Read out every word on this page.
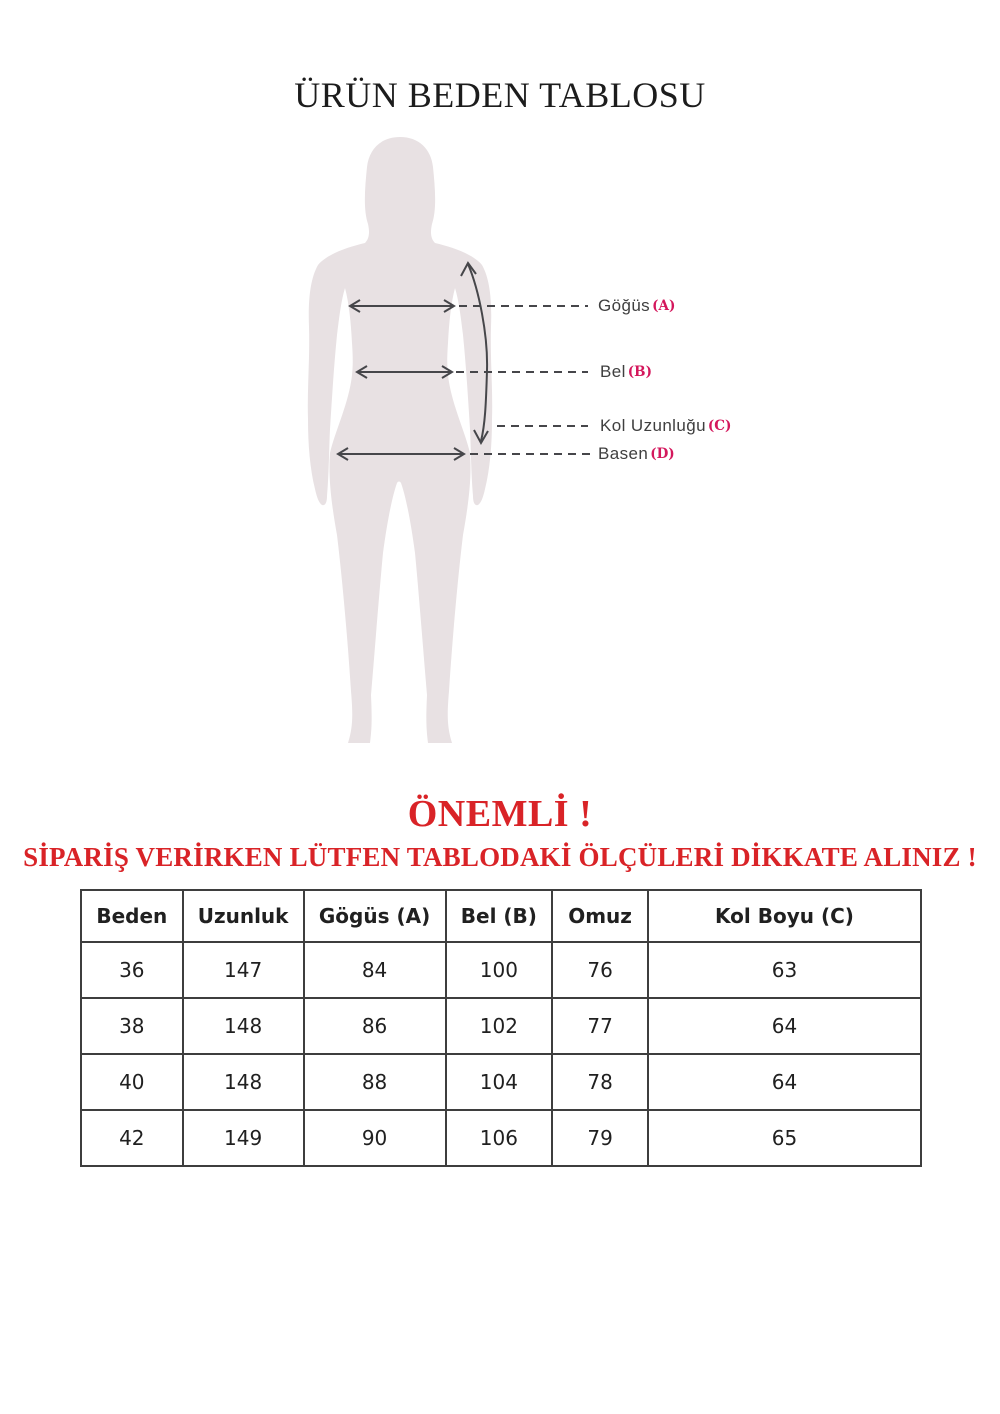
ÜRÜN BEDEN TABLOSU
Göğüs (A)
Bel (B)
Kol Uzunluğu (C)
Basen (D)
ÖNEMLİ !
SİPARİŞ VERİRKEN LÜTFEN TABLODAKİ ÖLÇÜLERİ DİKKATE ALINIZ !
Beden	Uzunluk	Gögüs (A)	Bel (B)	Omuz	Kol Boyu (C)
36	147	84	100	76	63
38	148	86	102	77	64
40	148	88	104	78	64
42	149	90	106	79	65
